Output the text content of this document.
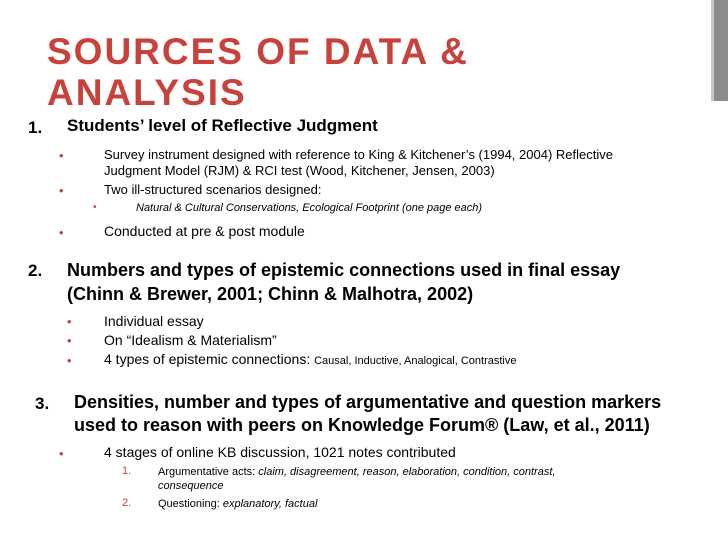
SOURCES OF DATA &
ANALYSIS
1. Students’ level of Reflective Judgment
•	Survey instrument designed with reference to King & Kitchener’s (1994, 2004) Reflective
Judgment Model (RJM) & RCI test (Wood, Kitchener, Jensen, 2003)
•	Two ill-structured scenarios designed:
•	Natural & Cultural Conservations, Ecological Footprint (one page each)
•	Conducted at pre & post module
2. Numbers and types of epistemic connections used in final essay
(Chinn & Brewer, 2001; Chinn & Malhotra, 2002)
• Individual essay
• On “Idealism & Materialism”
• 4 types of epistemic connections: Causal, Inductive, Analogical, Contrastive
3. Densities, number and types of argumentative and question markers
used to reason with peers on Knowledge Forum® (Law, et al., 2011)
•	4 stages of online KB discussion, 1021 notes contributed
1. Argumentative acts: claim, disagreement, reason, elaboration, condition, contrast,
consequence
2. Questioning: explanatory, factual
